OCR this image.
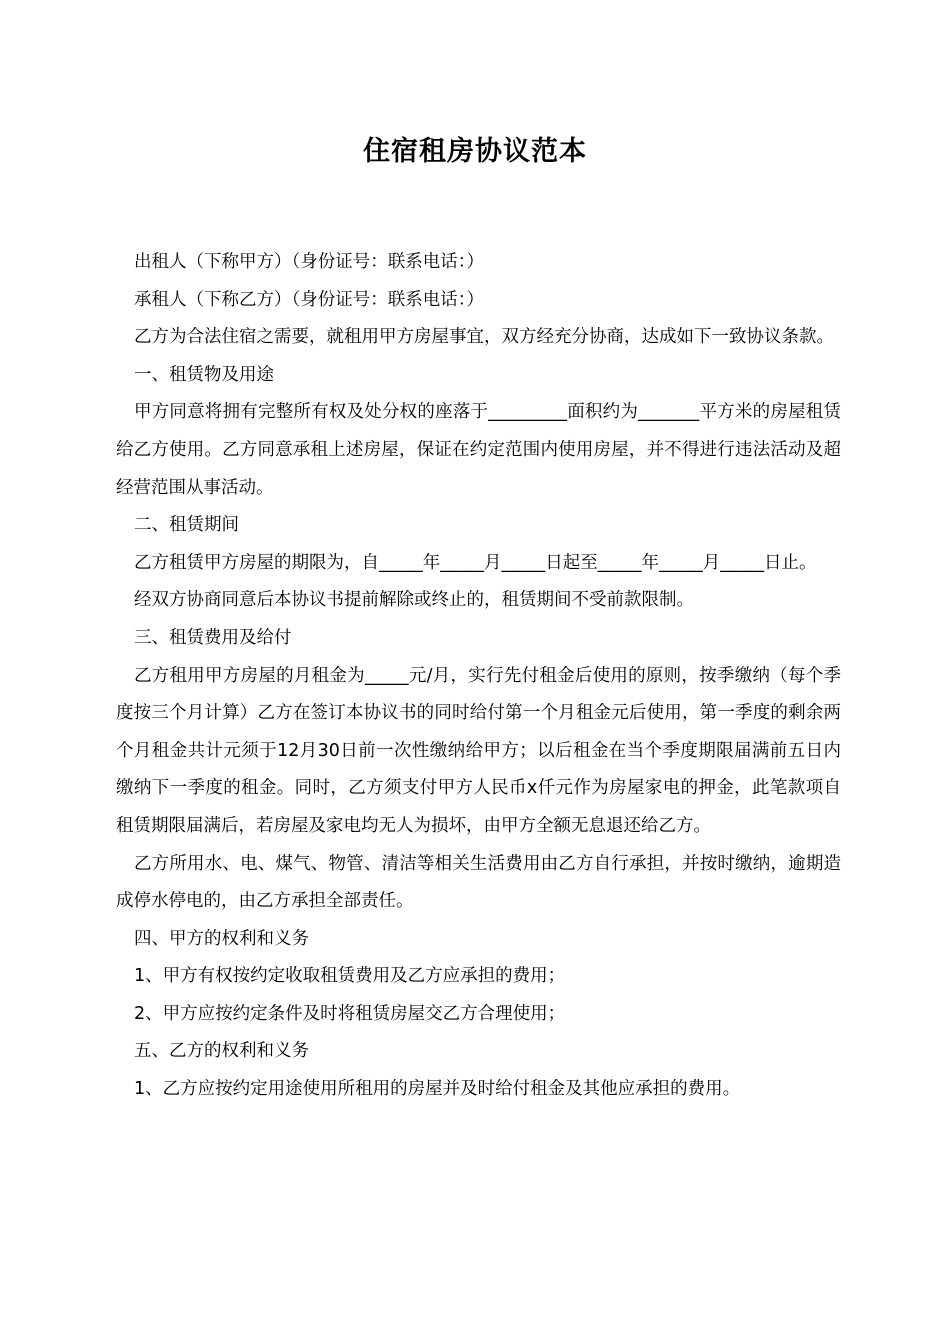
住宿租房协议范本

出租人（下称甲方）（身份证号：联系电话：）

承租人（下称乙方）（身份证号：联系电话：）

乙方为合法住宿之需要，就租用甲方房屋事宜，双方经充分协商，达成如下一致协议条款。

一、租赁物及用途

甲方同意将拥有完整所有权及处分权的座落于_________面积约为_______平方米的房屋租赁给乙方使用。乙方同意承租上述房屋，保证在约定范围内使用房屋，并不得进行违法活动及超经营范围从事活动。

二、租赁期间

乙方租赁甲方房屋的期限为，自_____年_____月_____日起至_____年_____月_____日止。

经双方协商同意后本协议书提前解除或终止的，租赁期间不受前款限制。

三、租赁费用及给付

乙方租用甲方房屋的月租金为_____元/月，实行先付租金后使用的原则，按季缴纳（每个季度按三个月计算）乙方在签订本协议书的同时给付第一个月租金元后使用，第一季度的剩余两个月租金共计元须于12月30日前一次性缴纳给甲方；以后租金在当个季度期限届满前五日内缴纳下一季度的租金。同时，乙方须支付甲方人民币x仟元作为房屋家电的押金，此笔款项自租赁期限届满后，若房屋及家电均无人为损坏，由甲方全额无息退还给乙方。

乙方所用水、电、煤气、物管、清洁等相关生活费用由乙方自行承担，并按时缴纳，逾期造成停水停电的，由乙方承担全部责任。

四、甲方的权利和义务

1、甲方有权按约定收取租赁费用及乙方应承担的费用；

2、甲方应按约定条件及时将租赁房屋交乙方合理使用；

五、乙方的权利和义务

1、乙方应按约定用途使用所租用的房屋并及时给付租金及其他应承担的费用。
